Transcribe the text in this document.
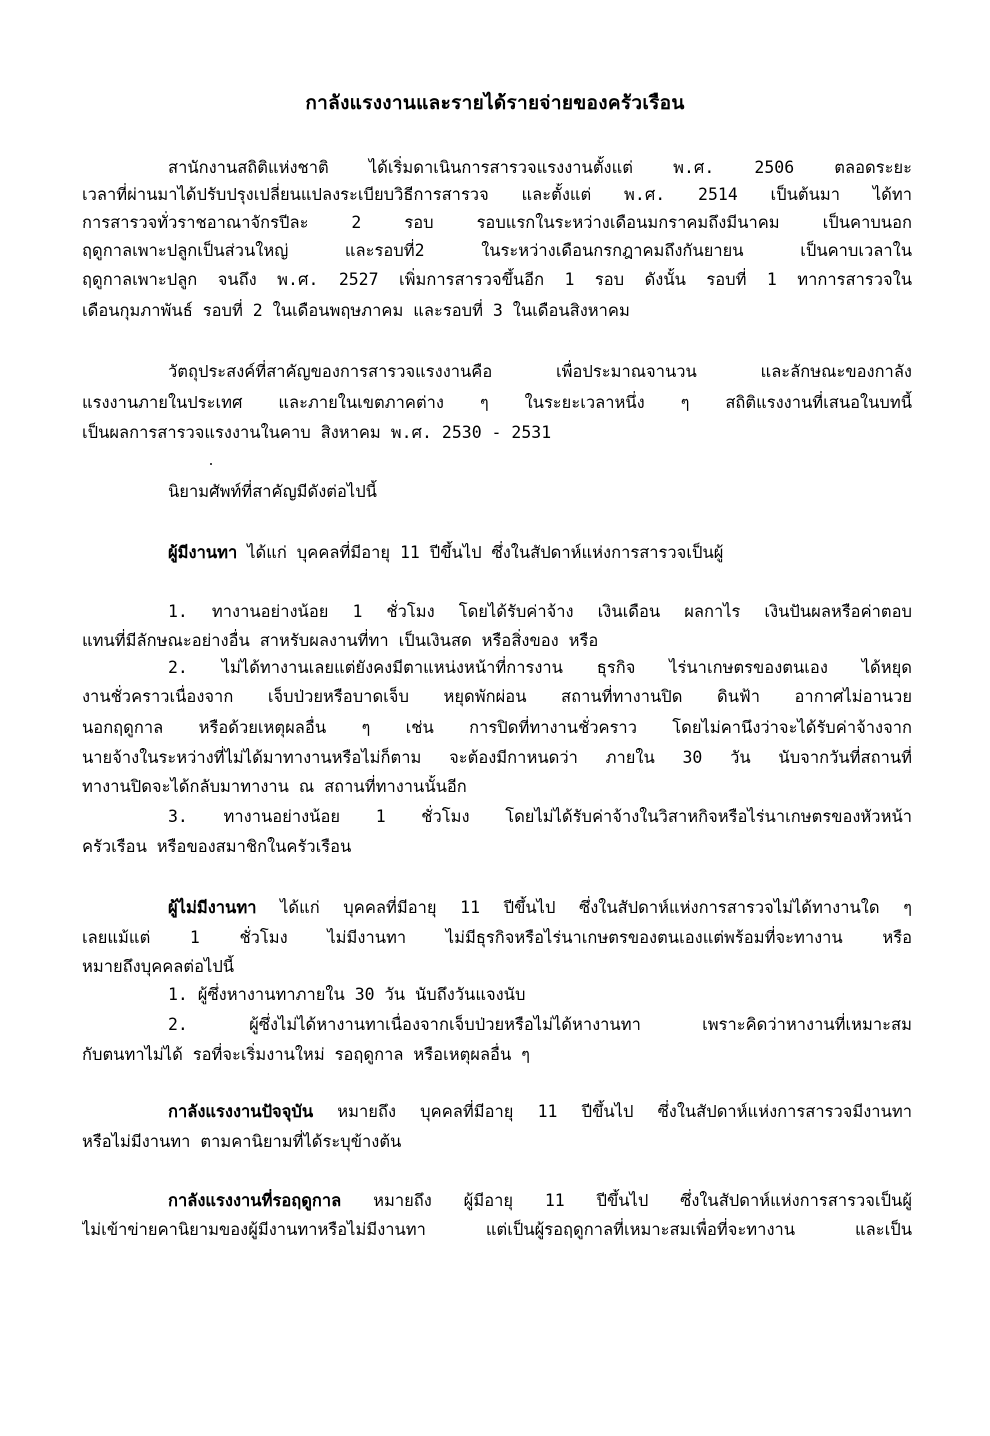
กาลังแรงงานและรายได้รายจ่ายของครัวเรือน
สานักงานสถิติแห่งชาติ ได้เริ่มดาเนินการสารวจแรงงานตั้งแต่ พ.ศ. 2506 ตลอดระยะ
เวลาที่ผ่านมาได้ปรับปรุงเปลี่ยนแปลงระเบียบวิธีการสารวจ และตั้งแต่ พ.ศ. 2514 เป็นต้นมา ได้ทา
การสารวจทั่วราชอาณาจักรปีละ 2 รอบ รอบแรกในระหว่างเดือนมกราคมถึงมีนาคม เป็นคาบนอก
ฤดูกาลเพาะปลูกเป็นส่วนใหญ่ และรอบที่2 ในระหว่างเดือนกรกฎาคมถึงกันยายน เป็นคาบเวลาใน
ฤดูกาลเพาะปลูก จนถึง พ.ศ. 2527 เพิ่มการสารวจขึ้นอีก 1 รอบ ดังนั้น รอบที่ 1 ทาการสารวจใน
เดือนกุมภาพันธ์ รอบที่ 2 ในเดือนพฤษภาคม และรอบที่ 3 ในเดือนสิงหาคม
วัตถุประสงค์ที่สาคัญของการสารวจแรงงานคือ เพื่อประมาณจานวน และลักษณะของกาลัง
แรงงานภายในประเทศ และภายในเขตภาคต่าง ๆ ในระยะเวลาหนึ่ง ๆ สถิติแรงงานที่เสนอในบทนี้
เป็นผลการสารวจแรงงานในคาบ สิงหาคม พ.ศ. 2530 - 2531
นิยามศัพท์ที่สาคัญมีดังต่อไปนี้
ผู้มีงานทา ได้แก่ บุคคลที่มีอายุ 11 ปีขึ้นไป ซึ่งในสัปดาห์แห่งการสารวจเป็นผู้
1. ทางานอย่างน้อย 1 ชั่วโมง โดยได้รับค่าจ้าง เงินเดือน ผลกาไร เงินปันผลหรือค่าตอบ
แทนที่มีลักษณะอย่างอื่น สาหรับผลงานที่ทา เป็นเงินสด หรือสิ่งของ หรือ
2. ไม่ได้ทางานเลยแต่ยังคงมีตาแหน่งหน้าที่การงาน ธุรกิจ ไร่นาเกษตรของตนเอง ได้หยุด
งานชั่วคราวเนื่องจาก เจ็บป่วยหรือบาดเจ็บ หยุดพักผ่อน สถานที่ทางานปิด ดินฟ้า อากาศไม่อานวย
นอกฤดูกาล หรือด้วยเหตุผลอื่น ๆ เช่น การปิดที่ทางานชั่วคราว โดยไม่คานึงว่าจะได้รับค่าจ้างจาก
นายจ้างในระหว่างที่ไม่ได้มาทางานหรือไม่ก็ตาม จะต้องมีกาหนดว่า ภายใน 30 วัน นับจากวันที่สถานที่
ทางานปิดจะได้กลับมาทางาน ณ สถานที่ทางานนั้นอีก
3. ทางานอย่างน้อย 1 ชั่วโมง โดยไม่ได้รับค่าจ้างในวิสาหกิจหรือไร่นาเกษตรของหัวหน้า
ครัวเรือน หรือของสมาชิกในครัวเรือน
ผู้ไม่มีงานทา ได้แก่ บุคคลที่มีอายุ 11 ปีขึ้นไป ซึ่งในสัปดาห์แห่งการสารวจไม่ได้ทางานใด ๆ
เลยแม้แต่ 1 ชั่วโมง ไม่มีงานทา ไม่มีธุรกิจหรือไร่นาเกษตรของตนเองแต่พร้อมที่จะทางาน หรือ
หมายถึงบุคคลต่อไปนี้
1. ผู้ซึ่งหางานทาภายใน 30 วัน นับถึงวันแจงนับ
2. ผู้ซึ่งไม่ได้หางานทาเนื่องจากเจ็บป่วยหรือไม่ได้หางานทา เพราะคิดว่าหางานที่เหมาะสม
กับตนทาไม่ได้ รอที่จะเริ่มงานใหม่ รอฤดูกาล หรือเหตุผลอื่น ๆ
กาลังแรงงานปัจจุบัน หมายถึง บุคคลที่มีอายุ 11 ปีขึ้นไป ซึ่งในสัปดาห์แห่งการสารวจมีงานทา
หรือไม่มีงานทา ตามคานิยามที่ได้ระบุข้างต้น
กาลังแรงงานที่รอฤดูกาล หมายถึง ผู้มีอายุ 11 ปีขึ้นไป ซึ่งในสัปดาห์แห่งการสารวจเป็นผู้
ไม่เข้าข่ายคานิยามของผู้มีงานทาหรือไม่มีงานทา แต่เป็นผู้รอฤดูกาลที่เหมาะสมเพื่อที่จะทางาน และเป็น
